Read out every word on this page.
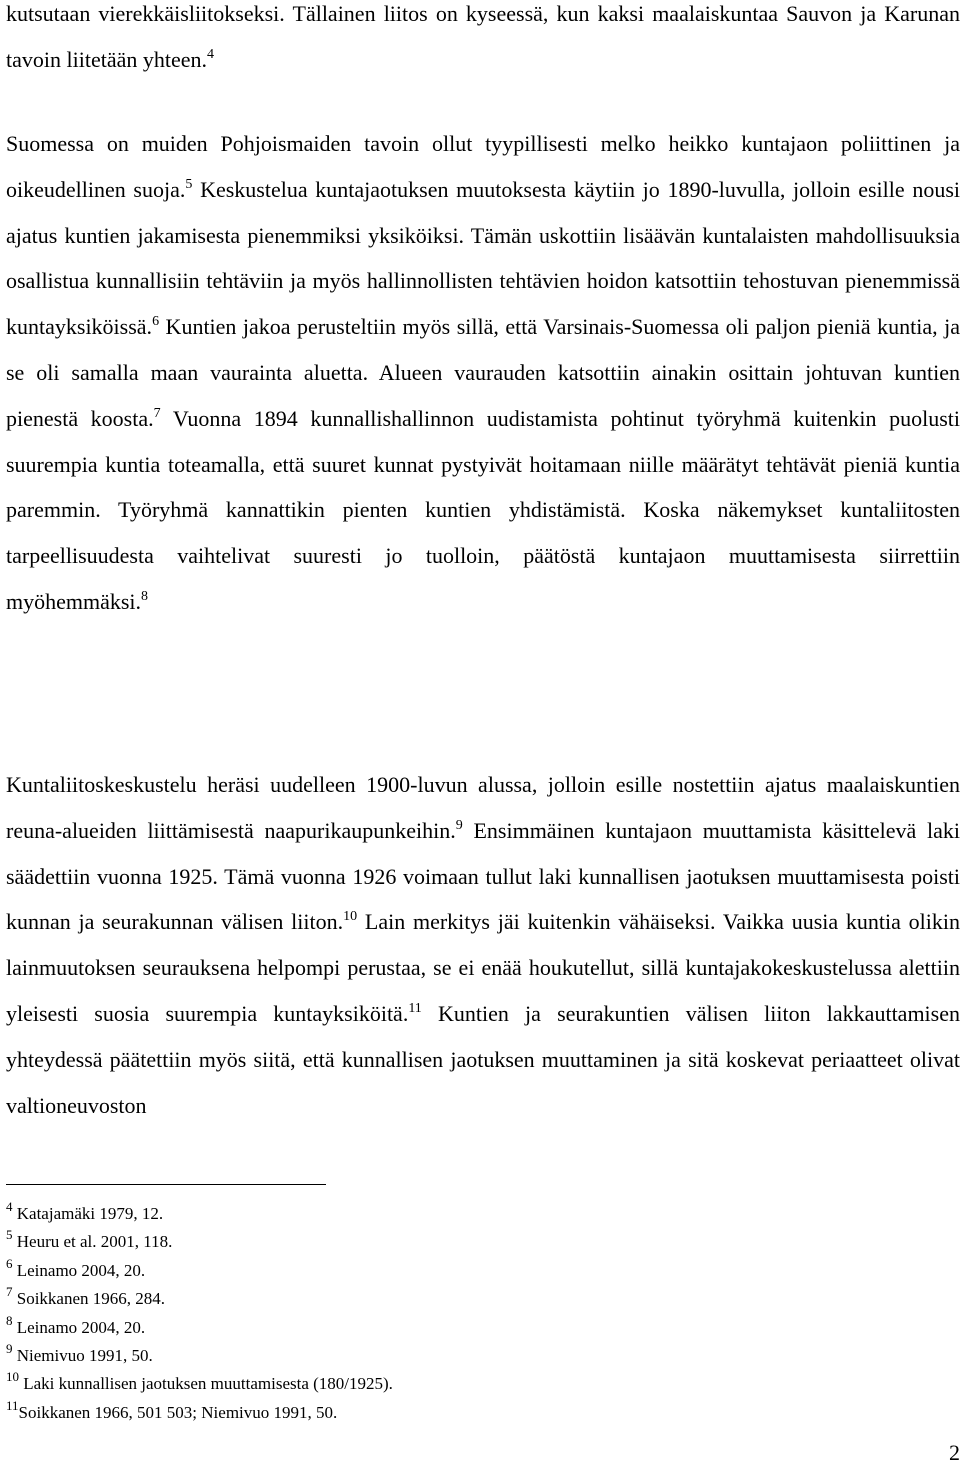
kutsutaan vierekkäisliitokseksi. Tällainen liitos on kyseessä, kun kaksi maalaiskuntaa Sauvon ja Karunan tavoin liitetään yhteen.$^4$

Suomessa on muiden Pohjoismaiden tavoin ollut tyypillisesti melko heikko kuntajaon poliittinen ja oikeudellinen suoja.$^5$ Keskustelua kuntajaotuksen muutoksesta käytiin jo 1890-luvulla, jolloin esille nousi ajatus kuntien jakamisesta pienemmiksi yksiköiksi. Tämän uskottiin lisäävän kuntalaisten mahdollisuuksia osallistua kunnallisiin tehtäviin ja myös hallinnollisten tehtävien hoidon katsottiin tehostuvan pienemmissä kuntayksiköissä.$^6$ Kuntien jakoa perusteltiin myös sillä, että Varsinais-Suomessa oli paljon pieniä kuntia, ja se oli samalla maan vaurainta aluetta. Alueen vaurauden katsottiin ainakin osittain johtuvan kuntien pienestä koosta.$^7$ Vuonna 1894 kunnallishallinnon uudistamista pohtinut työryhmä kuitenkin puolusti suurempia kuntia toteamalla, että suuret kunnat pystyivät hoitamaan niille määrätyt tehtävät pieniä kuntia paremmin. Työryhmä kannattikin pienten kuntien yhdistämistä. Koska näkemykset kuntaliitosten tarpeellisuudesta vaihtelivat suuresti jo tuolloin, päätöstä kuntajaon muuttamisesta siirrettiin myöhemmäksi.$^8$

Kuntaliitoskeskustelu heräsi uudelleen 1900-luvun alussa, jolloin esille nostettiin ajatus maalaiskuntien reuna-alueiden liittämisestä naapurikaupunkeihin.$^9$ Ensimmäinen kuntajaon muuttamista käsittelevä laki säädettiin vuonna 1925. Tämä vuonna 1926 voimaan tullut laki kunnallisen jaotuksen muuttamisesta poisti kunnan ja seurakunnan välisen liiton.$^{10}$ Lain merkitys jäi kuitenkin vähäiseksi. Vaikka uusia kuntia olikin lainmuutoksen seurauksena helpompi perustaa, se ei enää houkutellut, sillä kuntajakokeskustelussa alettiin yleisesti suosia suurempia kuntayksiköitä.$^{11}$ Kuntien ja seurakuntien välisen liiton lakkauttamisen yhteydessä päätettiin myös siitä, että kunnallisen jaotuksen muuttaminen ja sitä koskevat periaatteet olivat valtioneuvoston

$^4$ Katajamäki 1979, 12.

$^5$ Heuru et al. 2001, 118.

$^6$ Leinamo 2004, 20.

$^7$ Soikkanen 1966, 284.

$^8$ Leinamo 2004, 20.

$^9$ Niemivuo 1991, 50.

$^{10}$ Laki kunnallisen jaotuksen muuttamisesta (180/1925).

$^{11}$Soikkanen 1966, 501 503; Niemivuo 1991, 50.

2
